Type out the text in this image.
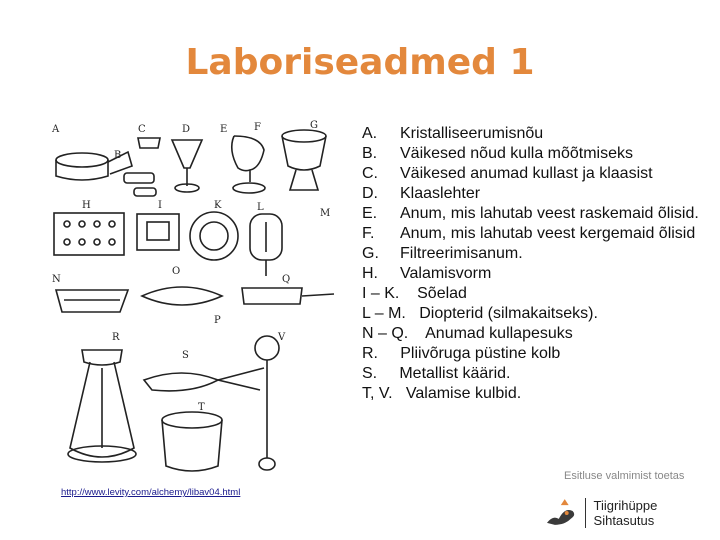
Laboriseadmed 1
A
B
C	D	E	F	G
H	I	K	L
M
N
O
P
Q
R
S
T
V
A.	Kristalliseerumisnõu
B.	Väikesed nõud kulla mõõtmiseks
C.	Väikesed anumad kullast ja klaasist
D.	Klaaslehter
E.	Anum, mis lahutab veest raskemaid õlisid.
F.	Anum, mis lahutab veest kergemaid õlisid
G.	Filtreerimisanum.
H.	Valamisvorm
I – K.    Sõelad
L – M.   Diopterid (silmakaitseks).
N – Q.    Anumad kullapesuks
R.     Pliivõruga püstine kolb
S.     Metallist käärid.
T, V.   Valamise kulbid.
http://www.levity.com/alchemy/libav04.html
Esitluse valmimist toetas
Tiigrihüppe Sihtasutus
